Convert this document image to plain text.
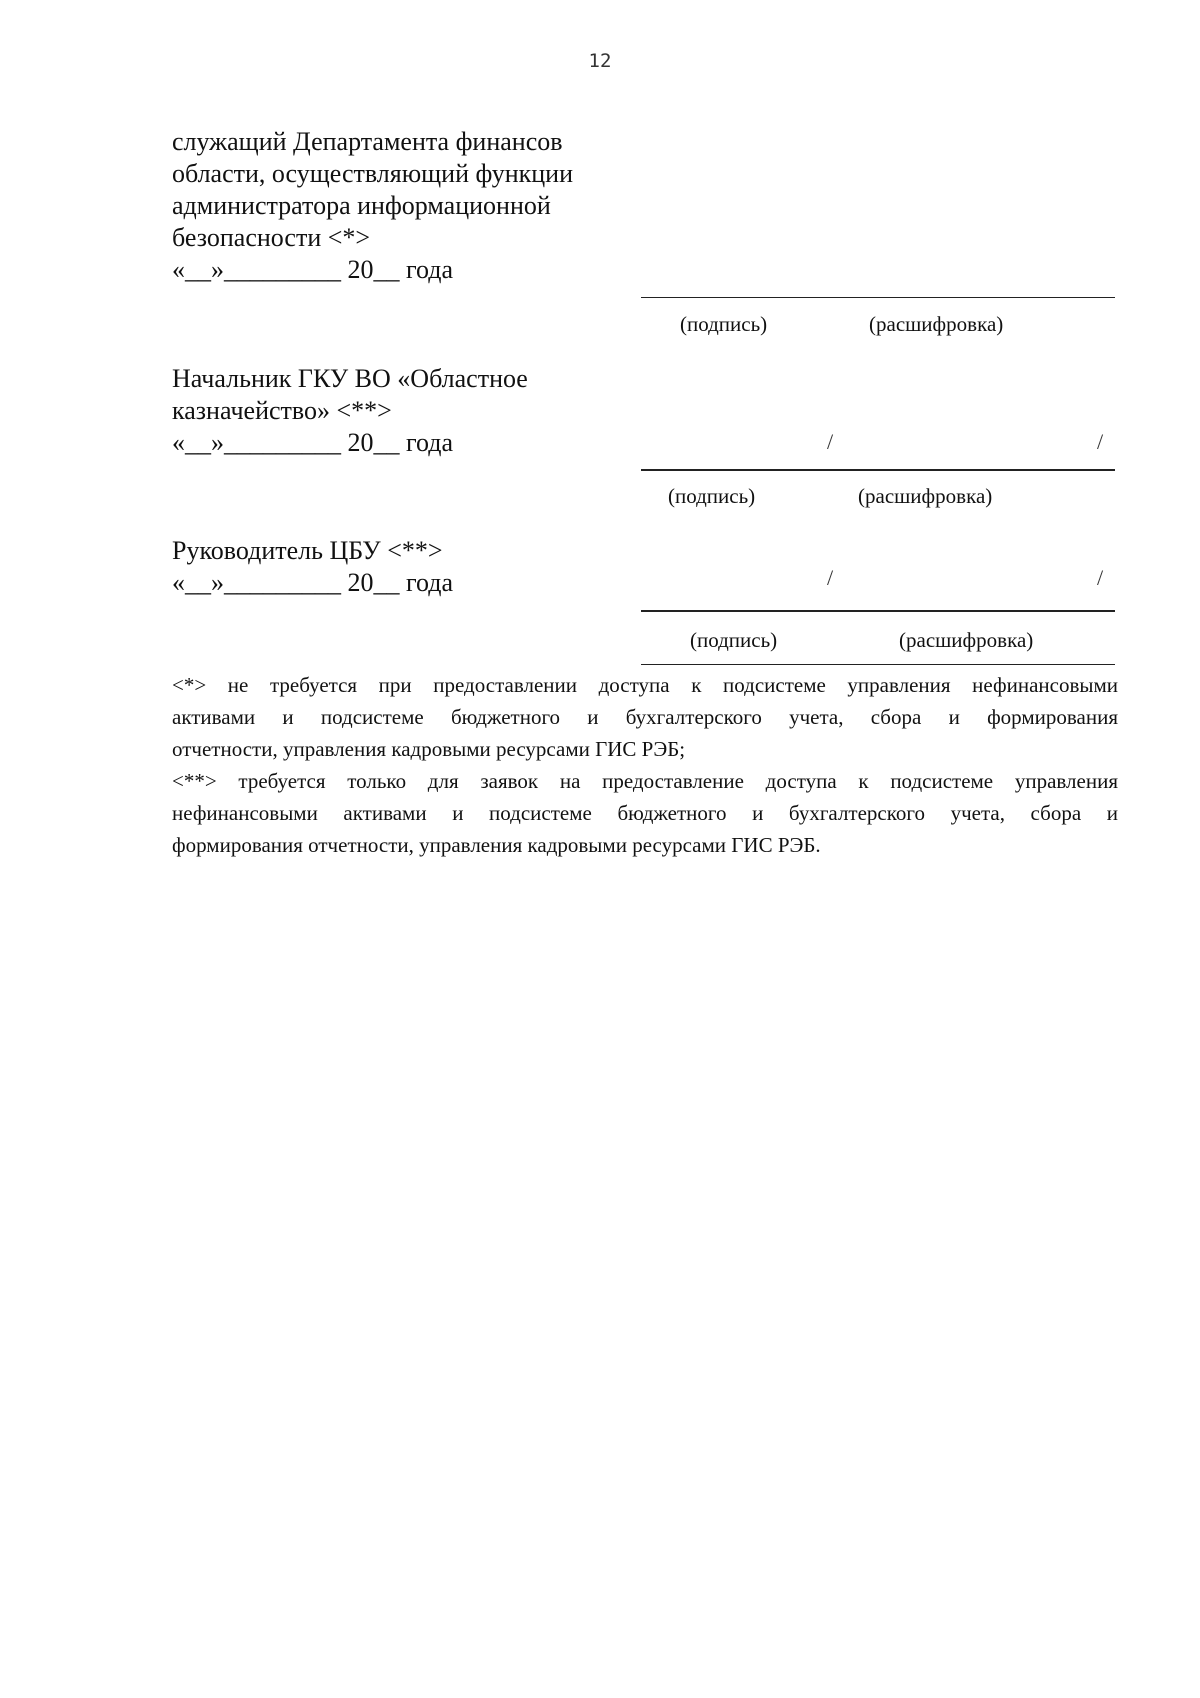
12
служащий Департамента финансов
области, осуществляющий функции
администратора информационной
безопасности <*>
«__»_________ 20__ года
(подпись)	(расшифровка)
Начальник ГКУ ВО «Областное
казначейство» <**>
«__»_________ 20__ года	/	/
(подпись)	(расшифровка)
Руководитель ЦБУ <**>
«__»_________ 20__ года	/	/
(подпись)	(расшифровка)
<*> не требуется при предоставлении доступа к подсистеме управления нефинансовыми
активами и подсистеме бюджетного и бухгалтерского учета, сбора и формирования
отчетности, управления кадровыми ресурсами ГИС РЭБ;
<**> требуется только для заявок на предоставление доступа к подсистеме управления
нефинансовыми активами и подсистеме бюджетного и бухгалтерского учета, сбора и
формирования отчетности, управления кадровыми ресурсами ГИС РЭБ.
